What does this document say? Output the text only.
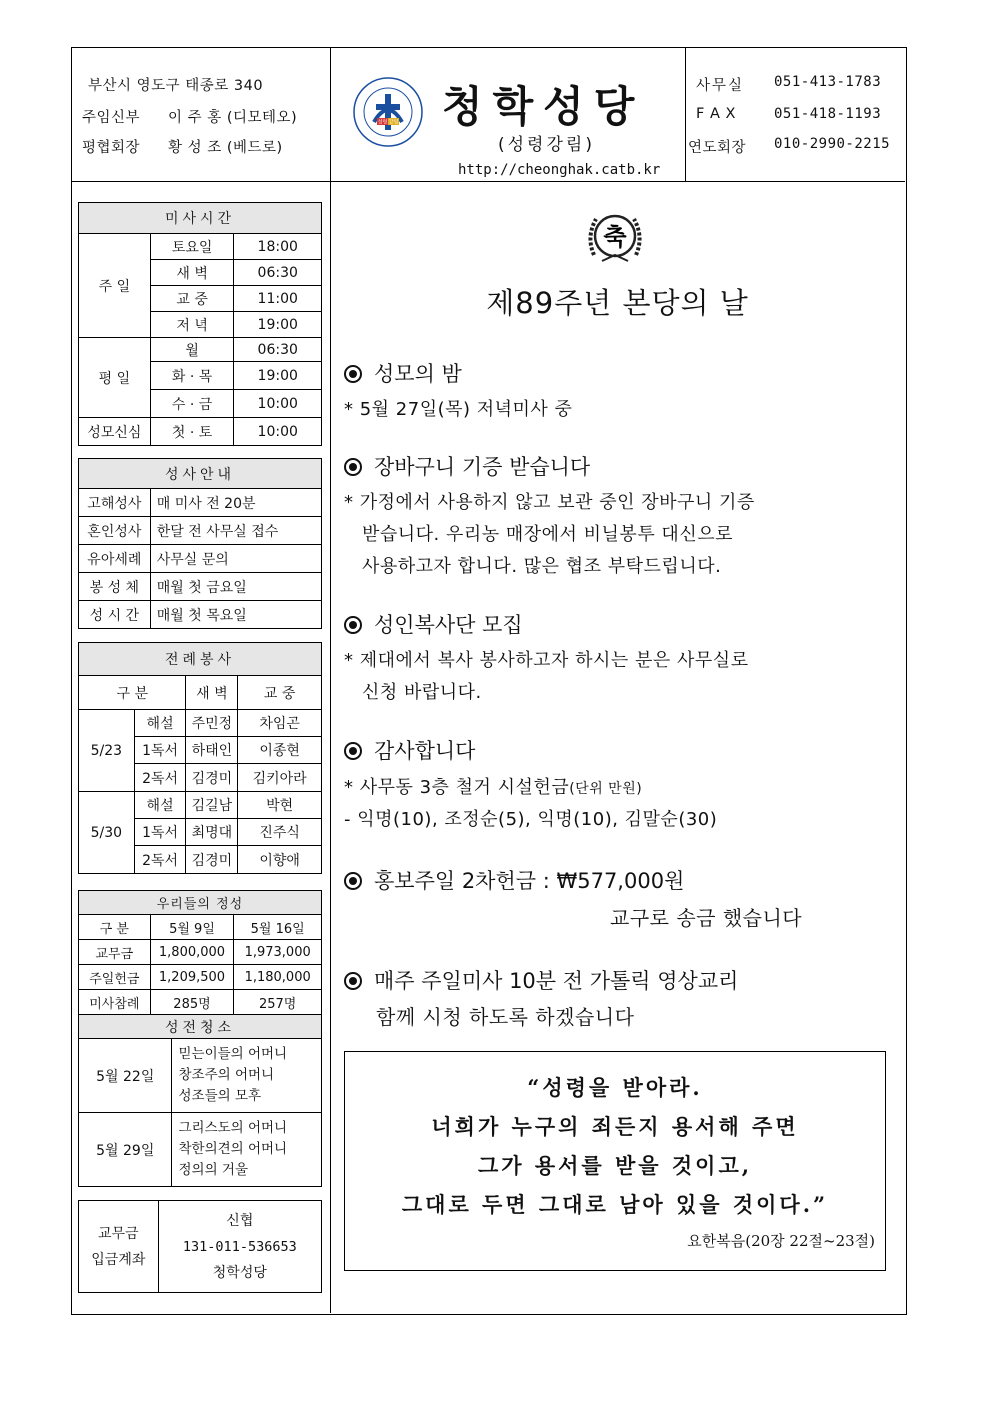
부산시 영도구 태종로 340
주임신부 이 주 홍 (디모테오)
평협회장 황 성 조 (베드로)
성령 강림 청학성당
(성령강림)
http://cheonghak.catb.kr
사무실 051-413-1783
F A X	051-418-1193
연도회장 010-2990-2215
미사시간		
주 일	토요일	18:00
	새 벽	06:30
	교 중	11:00
	저 녁	19:00
평 일	월	06:30
	화 · 목	19:00
	수 · 금	10:00
성모신심	첫 · 토	10:00
성사안내	
고해성사	매 미사 전 20분
혼인성사	한달 전 사무실 접수
유아세례	사무실 문의
봉 성 체	매월 첫 금요일
성 시 간	매월 첫 목요일
전례봉사			
구 분		새 벽	교 중
5/23	해설	주민정	차임곤
	1독서	하태인	이종현
	2독서	김경미	김키아라
5/30	해설	김길남	박현
	1독서	최명대	진주식
	2독서	김경미	이향애
우리들의 정성		
구 분	5월 9일	5월 16일
교무금	1,800,000	1,973,000
주일헌금	1,209,500	1,180,000
미사참례	285명	257명
성전청소	
5월 22일	믿는이들의 어머니
창조주의 어머니
성조들의 모후

5월 29일	그리스도의 어머니
착한의견의 어머니
정의의 거울
교무금
입금계좌

신협
131-011-536653
청학성당
축
제89주년 본당의 날
성모의 밤
* 5월 27일(목) 저녁미사 중
장바구니 기증 받습니다
* 가정에서 사용하지 않고 보관 중인 장바구니 기증
받습니다. 우리농 매장에서 비닐봉투 대신으로
사용하고자 합니다. 많은 협조 부탁드립니다.
성인복사단 모집
* 제대에서 복사 봉사하고자 하시는 분은 사무실로
신청 바랍니다.
감사합니다
* 사무동 3층 철거 시설헌금(단위 만원)
- 익명(10), 조정순(5), 익명(10), 김말순(30)
홍보주일 2차헌금 : ₩577,000원
교구로 송금 했습니다
매주 주일미사 10분 전 가톨릭 영상교리
함께 시청 하도록 하겠습니다
“성령을 받아라.
너희가 누구의 죄든지 용서해 주면
그가 용서를 받을 것이고,
그대로 두면 그대로 남아 있을 것이다.”
요한복음(20장 22절~23절)
